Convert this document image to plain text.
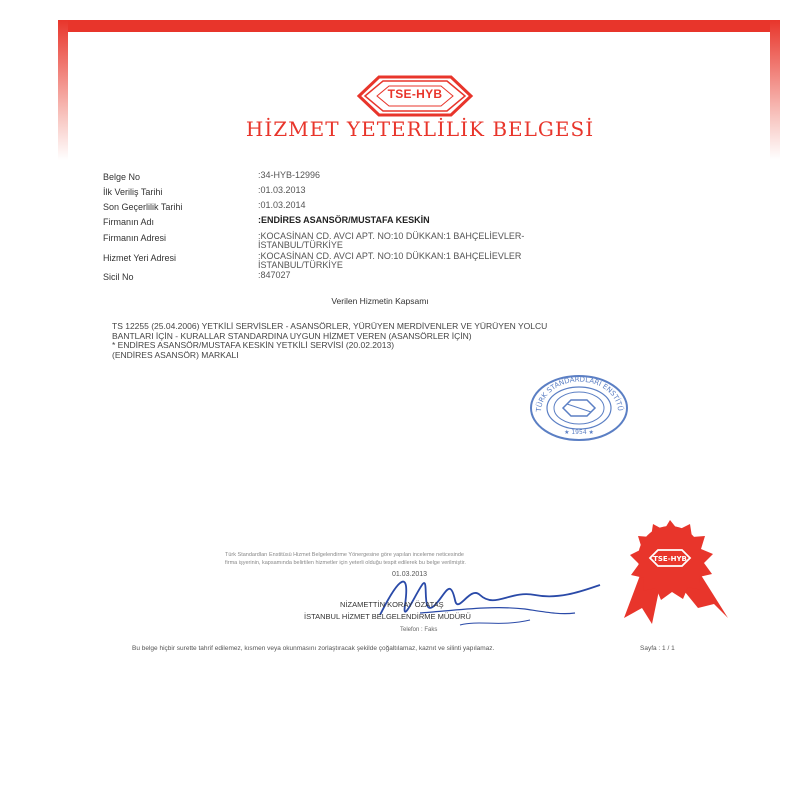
TSE-HYB
HİZMET YETERLİLİK BELGESİ
Belge No	:34-HYB-12996
İlk Veriliş Tarihi	:01.03.2013
Son Geçerlilik Tarihi	:01.03.2014
Firmanın Adı	:ENDİRES ASANSÖR/MUSTAFA KESKİN
Firmanın Adresi	:KOCASİNAN CD. AVCI APT. NO:10 DÜKKAN:1 BAHÇELİEVLER-
İSTANBUL/TÜRKİYE
Hizmet Yeri Adresi	:KOCASİNAN CD. AVCI APT. NO:10 DÜKKAN:1 BAHÇELİEVLER
İSTANBUL/TÜRKİYE
Sicil No	:847027
Verilen Hizmetin Kapsamı
TS 12255 (25.04.2006) YETKİLİ SERVİSLER - ASANSÖRLER, YÜRÜYEN MERDİVENLER VE YÜRÜYEN YOLCU
BANTLARI İÇİN - KURALLAR STANDARDINA UYGUN HİZMET VEREN (ASANSÖRLER İÇİN)
* ENDİRES ASANSÖR/MUSTAFA KESKİN YETKİLİ SERVİSİ (20.02.2013)
(ENDİRES ASANSÖR) MARKALI
TÜRK STANDARDLARI ENSTİTÜ
★ 1954 ★
Türk Standardları Enstitüsü Hizmet Belgelendirme Yönergesine göre yapılan inceleme neticesinde
firma işyerinin, kapsamında belirtilen hizmetler için yeterli olduğu tespit edilerek bu belge verilmiştir.
01.03.2013
NİZAMETTİN KORAY ÖZATAŞ
İSTANBUL HİZMET BELGELENDİRME MÜDÜRÜ
Telefon : Faks
Bu belge hiçbir surette tahrif edilemez, kısmen veya okunmasını zorlaştıracak şekilde çoğaltılamaz, kaznıt ve silinti yapılamaz.	Sayfa : 1 / 1
TSE-HYB
